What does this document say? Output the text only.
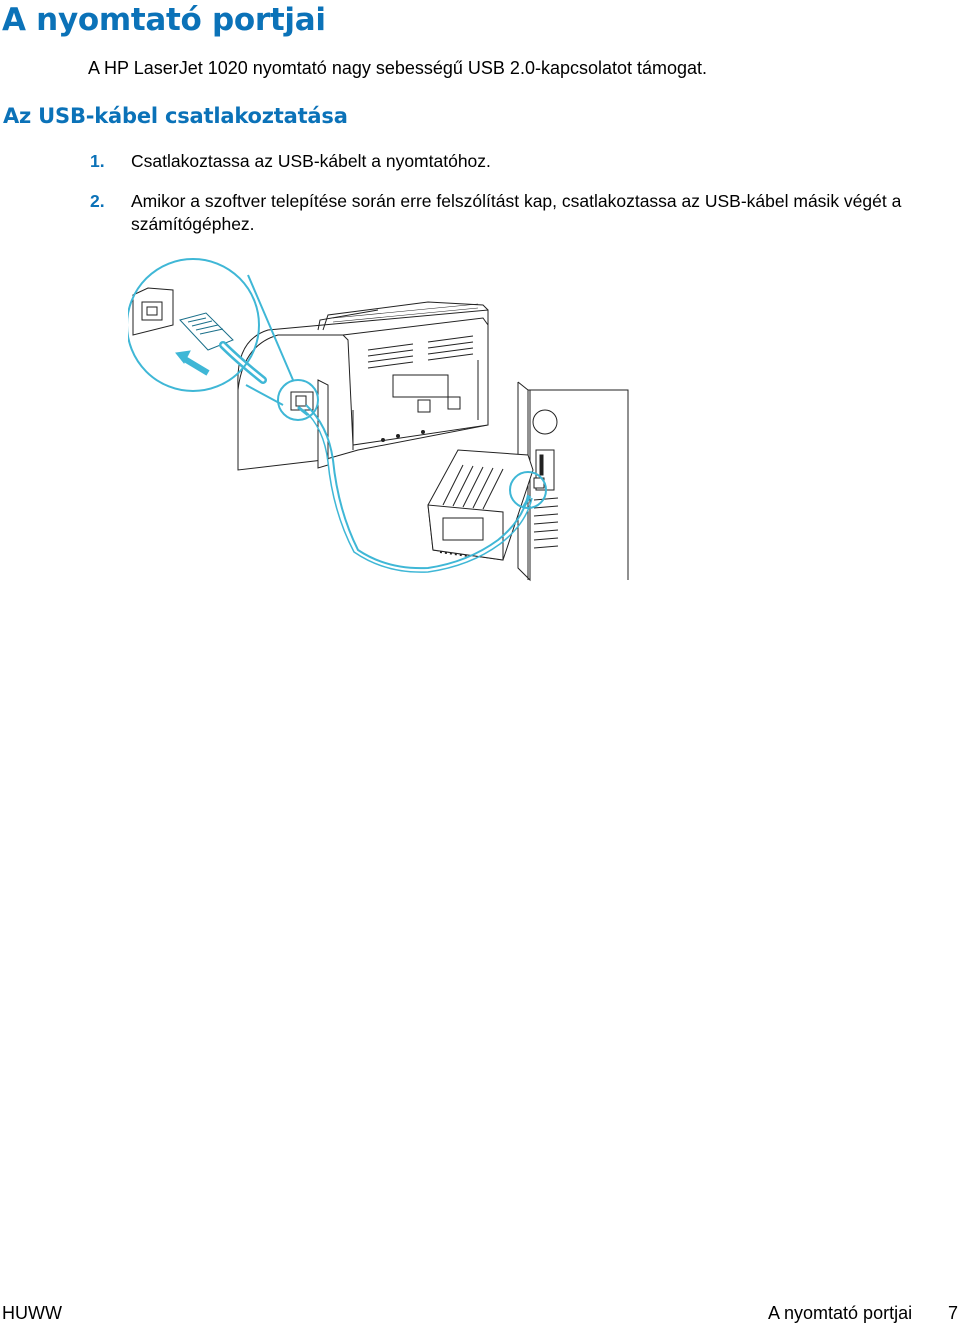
A nyomtató portjai
A HP LaserJet 1020 nyomtató nagy sebességű USB 2.0-kapcsolatot támogat.
Az USB-kábel csatlakoztatása
1. Csatlakoztassa az USB-kábelt a nyomtatóhoz.
2. Amikor a szoftver telepítése során erre felszólítást kap, csatlakoztassa az USB-kábel másik végét a számítógéphez.
HUWW	A nyomtató portjai 7
